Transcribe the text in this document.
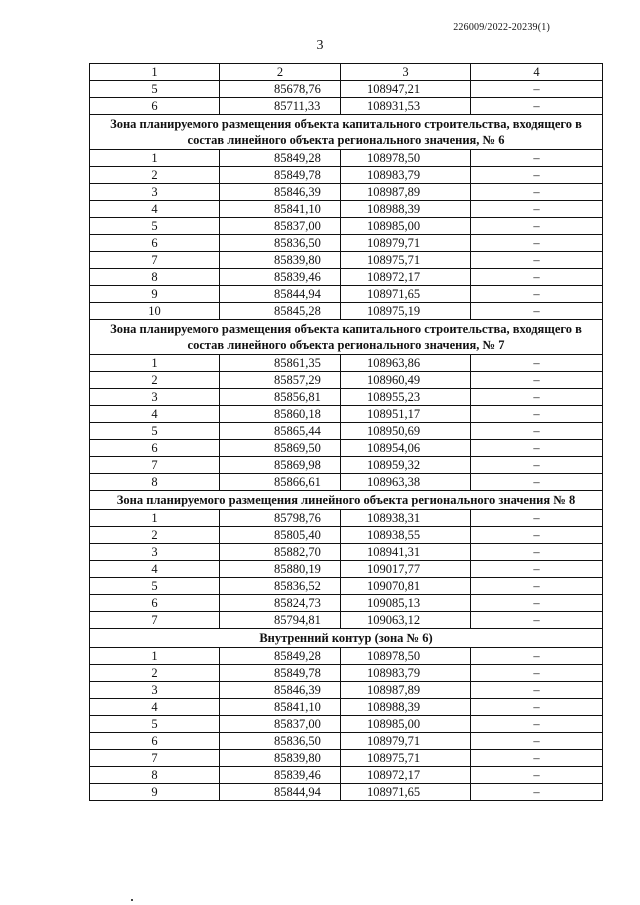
226009/2022-20239(1)
3
1	2	3	4
5	85678,76	108947,21	–
6	85711,33	108931,53	–
Зона планируемого размещения объекта капитального строительства, входящего в состав линейного объекта регионального значения, № 6			
1	85849,28	108978,50	–
2	85849,78	108983,79	–
3	85846,39	108987,89	–
4	85841,10	108988,39	–
5	85837,00	108985,00	–
6	85836,50	108979,71	–
7	85839,80	108975,71	–
8	85839,46	108972,17	–
9	85844,94	108971,65	–
10	85845,28	108975,19	–
Зона планируемого размещения объекта капитального строительства, входящего в состав линейного объекта регионального значения, № 7			
1	85861,35	108963,86	–
2	85857,29	108960,49	–
3	85856,81	108955,23	–
4	85860,18	108951,17	–
5	85865,44	108950,69	–
6	85869,50	108954,06	–
7	85869,98	108959,32	–
8	85866,61	108963,38	–
Зона планируемого размещения линейного объекта регионального значения № 8			
1	85798,76	108938,31	–
2	85805,40	108938,55	–
3	85882,70	108941,31	–
4	85880,19	109017,77	–
5	85836,52	109070,81	–
6	85824,73	109085,13	–
7	85794,81	109063,12	–
Внутренний контур (зона № 6)			
1	85849,28	108978,50	–
2	85849,78	108983,79	–
3	85846,39	108987,89	–
4	85841,10	108988,39	–
5	85837,00	108985,00	–
6	85836,50	108979,71	–
7	85839,80	108975,71	–
8	85839,46	108972,17	–
9	85844,94	108971,65	–
